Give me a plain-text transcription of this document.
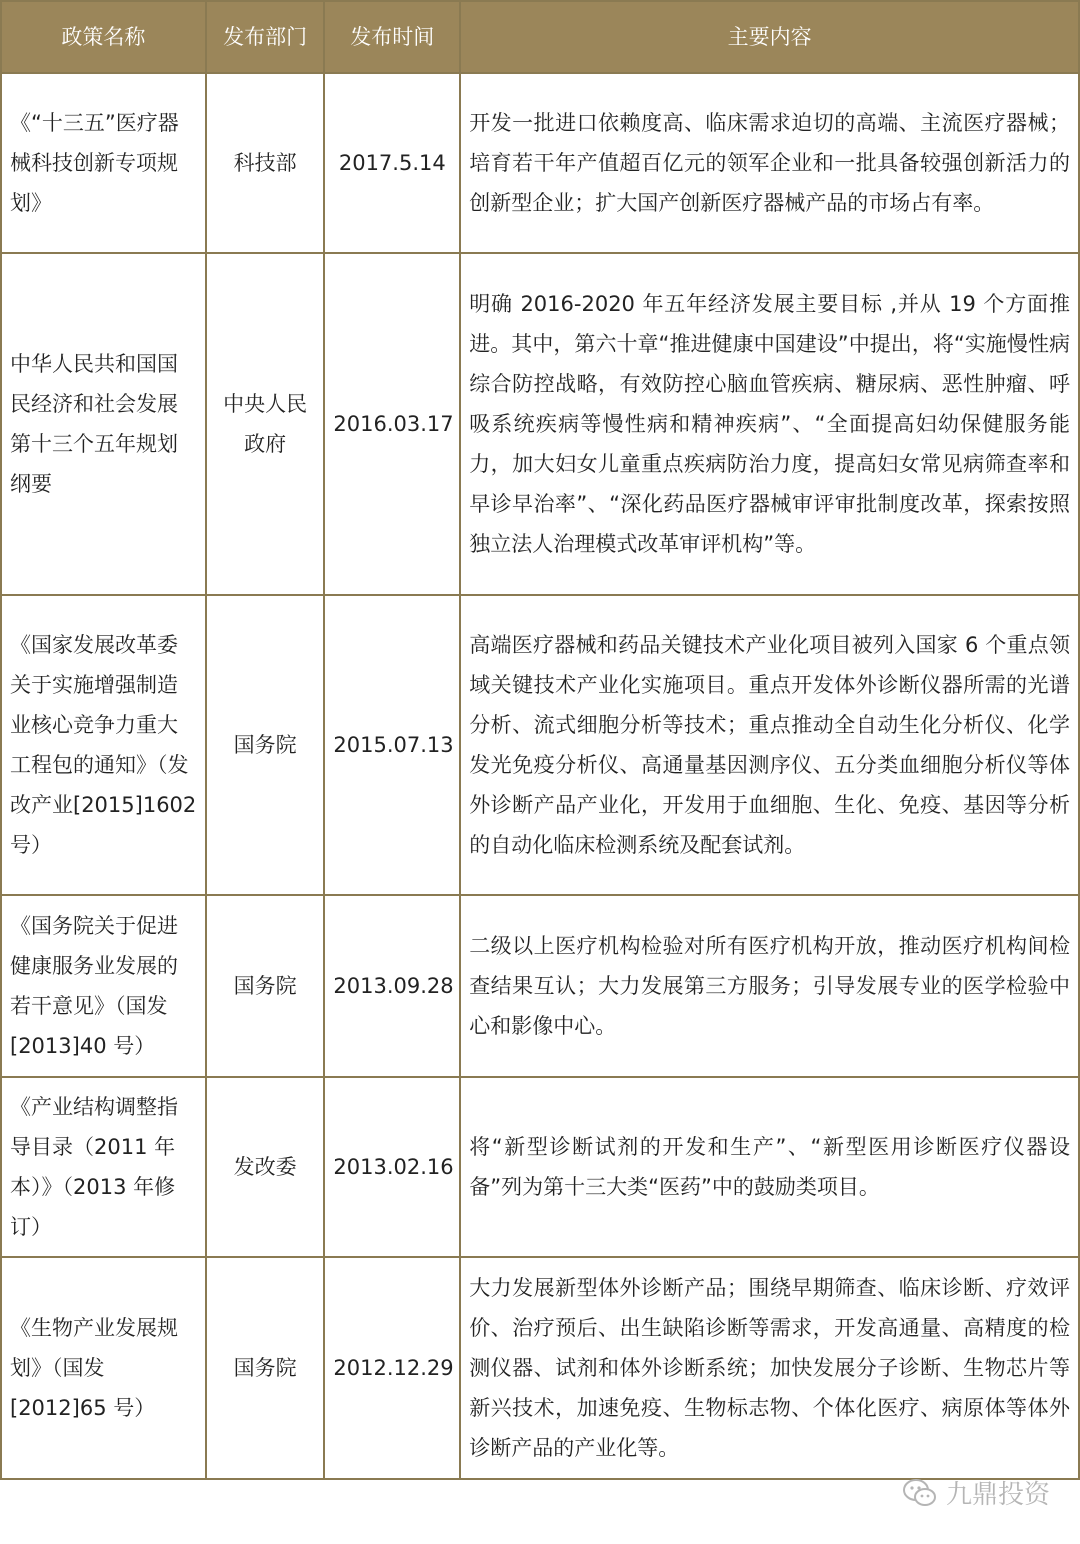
政策名称	发布部门	发布时间	主要内容
《“十三五”医疗器械科技创新专项规划》	科技部	2017.5.14	开发一批进口依赖度高、临床需求迫切的高端、主流医疗器械；培育若干年产值超百亿元的领军企业和一批具备较强创新活力的创新型企业；扩大国产创新医疗器械产品的市场占有率。
中华人民共和国国民经济和社会发展第十三个五年规划纲要	中央人民政府	2016.03.17	明确 2016-2020 年五年经济发展主要目标 ,并从 19 个方面推进。其中，第六十章“推进健康中国建设”中提出，将“实施慢性病综合防控战略，有效防控心脑血管疾病、糖尿病、恶性肿瘤、呼吸系统疾病等慢性病和精神疾病”、“全面提高妇幼保健服务能力，加大妇女儿童重点疾病防治力度，提高妇女常见病筛查率和早诊早治率”、“深化药品医疗器械审评审批制度改革，探索按照独立法人治理模式改革审评机构”等。
《国家发展改革委关于实施增强制造业核心竞争力重大工程包的通知》（发改产业[2015]1602 号）	国务院	2015.07.13	高端医疗器械和药品关键技术产业化项目被列入国家 6 个重点领域关键技术产业化实施项目。重点开发体外诊断仪器所需的光谱分析、流式细胞分析等技术；重点推动全自动生化分析仪、化学发光免疫分析仪、高通量基因测序仪、五分类血细胞分析仪等体外诊断产品产业化，开发用于血细胞、生化、免疫、基因等分析的自动化临床检测系统及配套试剂。
《国务院关于促进健康服务业发展的若干意见》（国发[2013]40 号）	国务院	2013.09.28	二级以上医疗机构检验对所有医疗机构开放，推动医疗机构间检查结果互认；大力发展第三方服务；引导发展专业的医学检验中心和影像中心。
《产业结构调整指导目录（2011 年本）》（2013 年修订）	发改委	2013.02.16	将“新型诊断试剂的开发和生产”、“新型医用诊断医疗仪器设备”列为第十三大类“医药”中的鼓励类项目。
《生物产业发展规划》（国发[2012]65 号）	国务院	2012.12.29	大力发展新型体外诊断产品；围绕早期筛查、临床诊断、疗效评价、治疗预后、出生缺陷诊断等需求，开发高通量、高精度的检测仪器、试剂和体外诊断系统；加快发展分子诊断、生物芯片等新兴技术，加速免疫、生物标志物、个体化医疗、病原体等体外诊断产品的产业化等。
九鼎投资
